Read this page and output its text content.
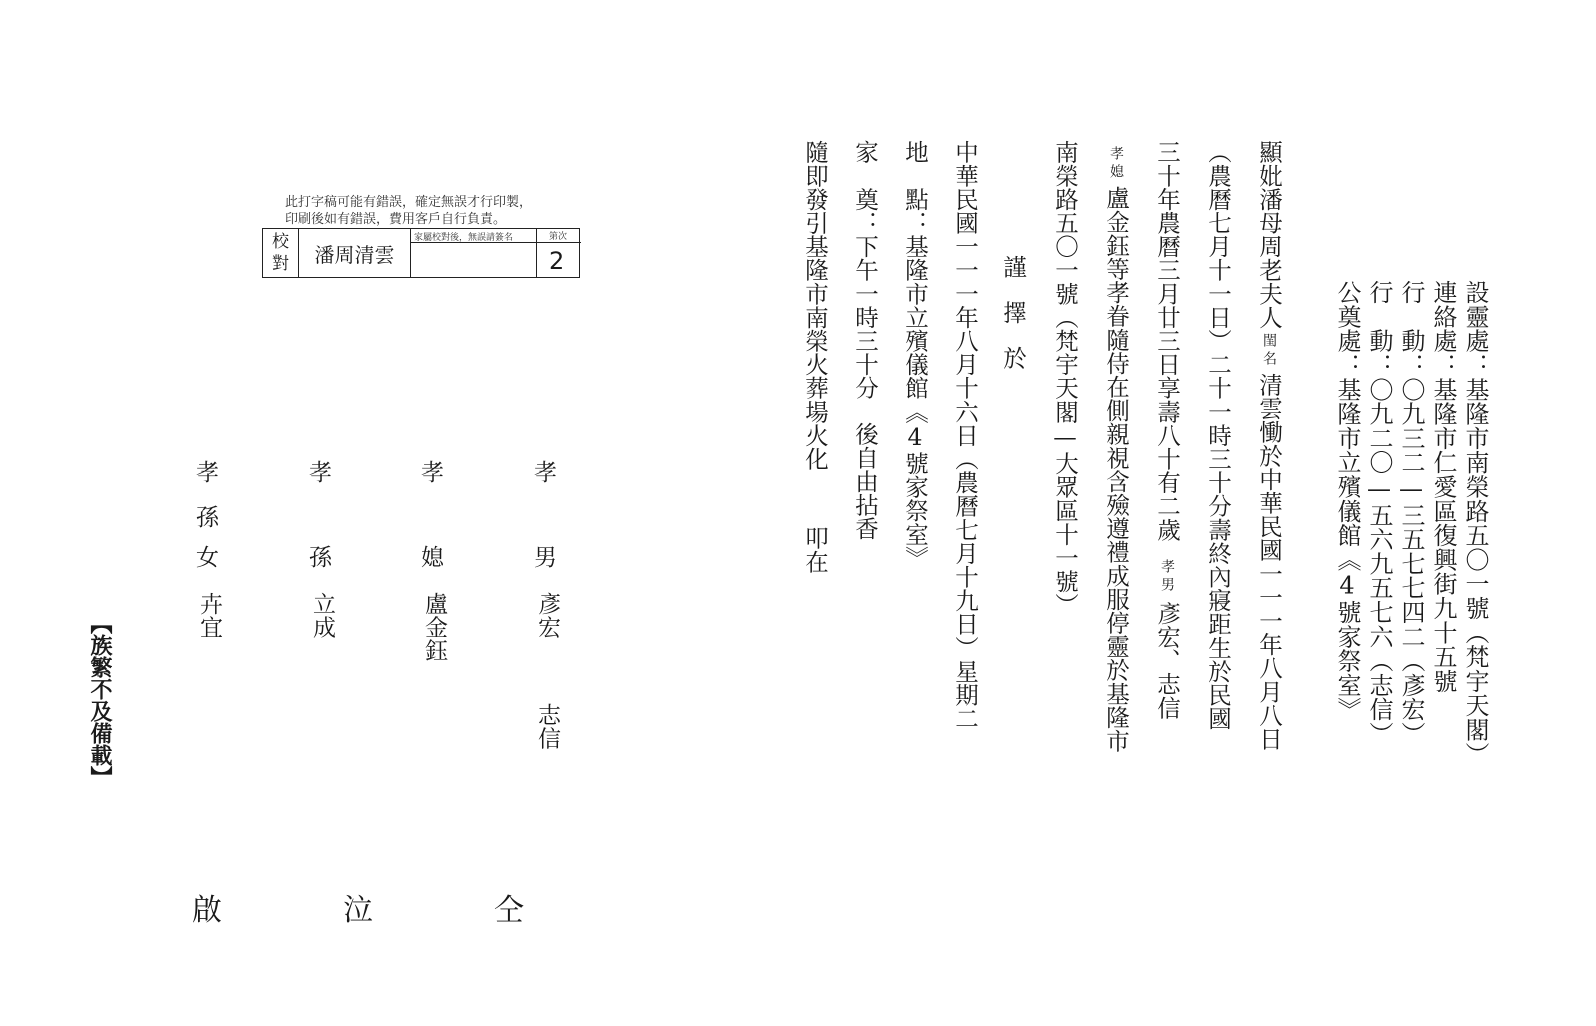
設靈處：基隆市南榮路五〇一號（梵宇天閣）
連絡處：基隆市仁愛區復興街九十五號
行　動：〇九三二—三五七七四二（彥宏）
行　動：〇九二〇—五六九五七六（志信）
公奠處：基隆市立殯儀館《4號家祭室》
顯妣潘母周老夫人閨名清雲慟於中華民國一一一年八月八日
（農曆七月十一日）二十一時三十分壽終內寢距生於民國
三十年農曆三月廿三日享壽八十有二歲孝男彥宏、志信
孝媳盧金鈺等孝眷隨侍在側親視含殮遵禮成服停靈於基隆市
南榮路五〇一號（梵宇天閣—大眾區十一號）
謹擇於
中華民國一一一年八月十六日（農曆七月十九日）星期二
地　點：基隆市立殯儀館《4號家祭室》
家　奠：下午一時三十分後自由拈香
隨即發引基隆市南榮火葬場火化叩在
此打字稿可能有錯誤，確定無誤才行印製，
印刷後如有錯誤，費用客戶自行負責。
校對	潘周清雲
家屬校對後，無誤請簽名	第次
2
孝
男
彥宏
志信
孝
媳
盧金鈺
孝
孫
立成
孝
孫
女
卉宜
仝
泣
啟
【族繁不及備載】
